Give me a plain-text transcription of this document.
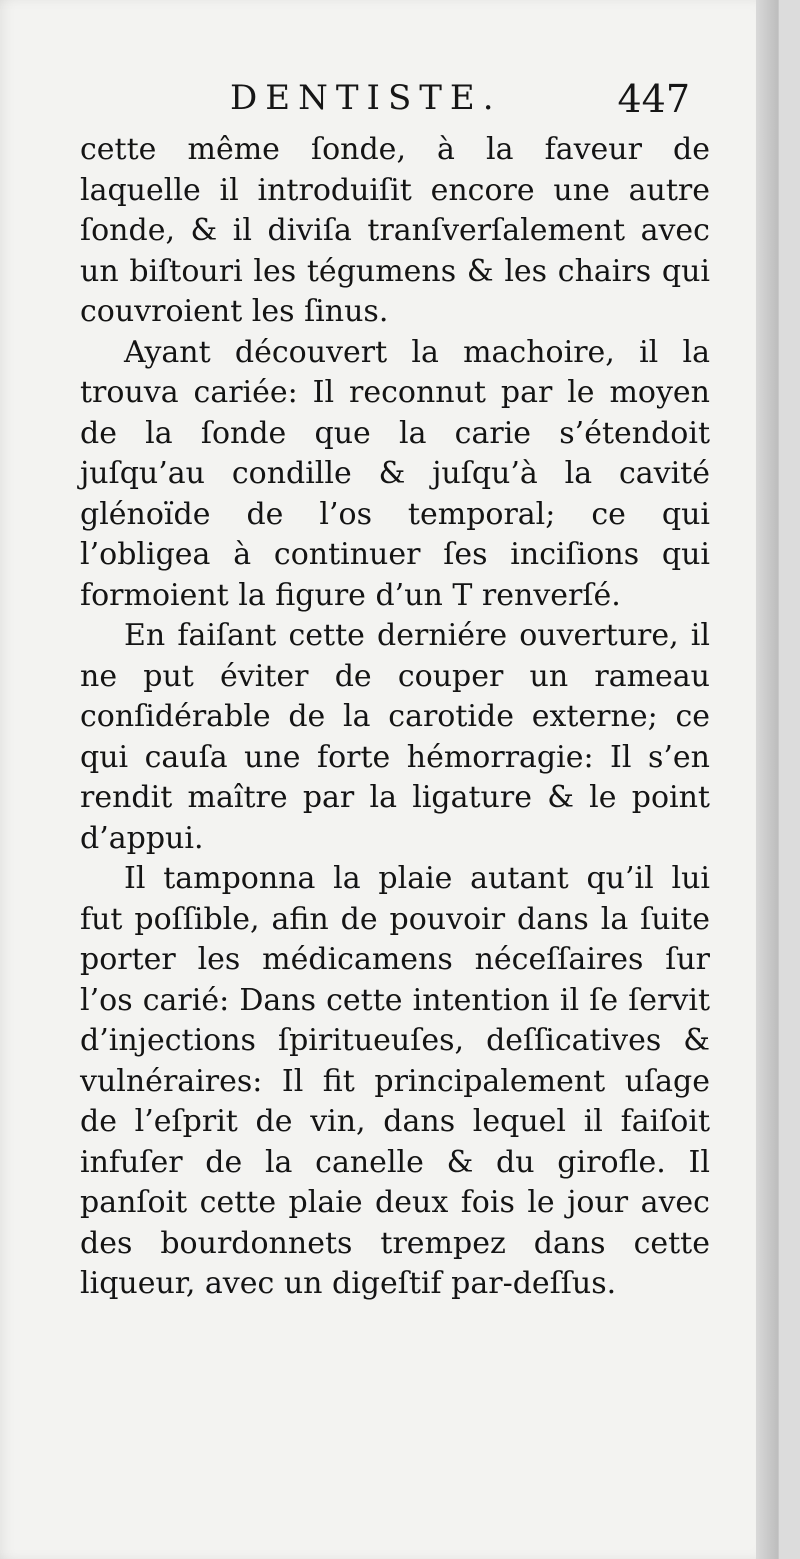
DENTISTE.	447

cette même ſonde, à la faveur de laquelle il introduiſit encore une autre ſonde, & il diviſa tranſverſalement avec un biſtouri les tégumens & les chairs qui couvroient les ſinus.

Ayant découvert la machoire, il la trouva cariée: Il reconnut par le moyen de la ſonde que la carie s’étendoit juſqu’au condille & juſqu’à la cavité glénoïde de l’os temporal; ce qui l’obligea à continuer ſes inciſions qui formoient la figure d’un T renverſé.

En faiſant cette derniére ouverture, il ne put éviter de couper un rameau conſidérable de la carotide externe; ce qui cauſa une forte hémorragie: Il s’en rendit maître par la ligature & le point d’appui.

Il tamponna la plaie autant qu’il lui fut poſſible, afin de pouvoir dans la ſuite porter les médicamens néceſſaires ſur l’os carié: Dans cette intention il ſe ſervit d’injections ſpiritueuſes, deſſicatives & vulnéraires: Il fit principalement uſage de l’eſprit de vin, dans lequel il faiſoit infuſer de la canelle & du girofle. Il panſoit cette plaie deux fois le jour avec des bourdonnets trempez dans cette liqueur, avec un digeſtif par-deſſus.
